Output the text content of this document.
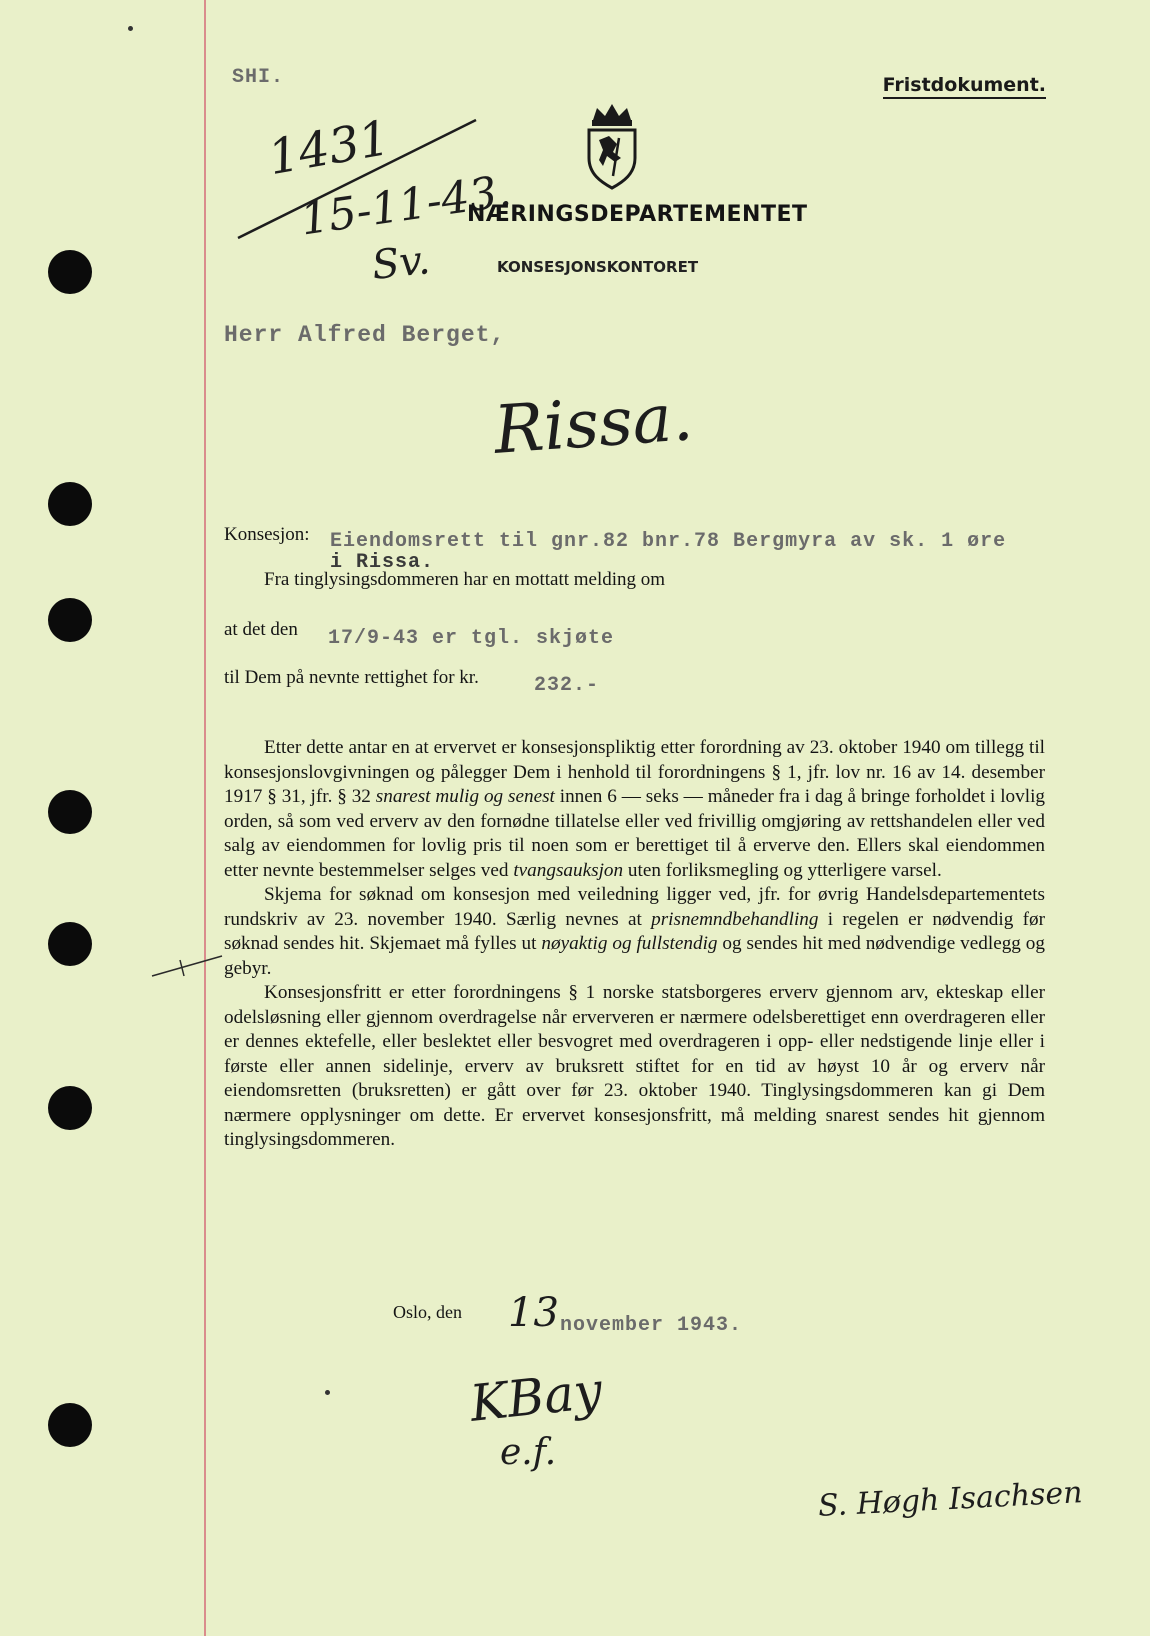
SHI.	Fristdokument.
1431
15-11-43.
Sv.
NÆRINGSDEPARTEMENTET
KONSESJONSKONTORET
Herr Alfred Berget,
Rissa.
Konsesjon: Eiendomsrett til gnr.82 bnr.78 Bergmyra av sk. 1 øre
i Rissa.
Fra tinglysingsdommeren har en mottatt melding om
at det den 17/9-43 er tgl. skjøte
til Dem på nevnte rettighet for kr.	232.-

Etter dette antar en at ervervet er konsesjonspliktig etter forordning av 23. oktober 1940 om tillegg til konsesjonslovgivningen og pålegger Dem i henhold til forordningens § 1, jfr. lov nr. 16 av 14. desember 1917 § 31, jfr. § 32 snarest mulig og senest innen 6 — seks — måneder fra i dag å bringe forholdet i lovlig orden, så som ved erverv av den fornødne tillatelse eller ved frivillig omgjøring av rettshandelen eller ved salg av eiendommen for lovlig pris til noen som er berettiget til å erverve den. Ellers skal eiendommen etter nevnte bestemmelser selges ved tvangsauksjon uten forliksmegling og ytterligere varsel.

Skjema for søknad om konsesjon med veiledning ligger ved, jfr. for øvrig Handelsdepartementets rundskriv av 23. november 1940. Særlig nevnes at prisnemndbehandling i regelen er nødvendig før søknad sendes hit. Skjemaet må fylles ut nøyaktig og fullstendig og sendes hit med nødvendige vedlegg og gebyr.

Konsesjonsfritt er etter forordningens § 1 norske statsborgeres erverv gjennom arv, ekteskap eller odelsløsning eller gjennom overdragelse når erververen er nærmere odelsberettiget enn overdrageren eller er dennes ektefelle, eller beslektet eller besvogret med overdrageren i opp- eller nedstigende linje eller i første eller annen sidelinje, erverv av bruksrett stiftet for en tid av høyst 10 år og erverv når eiendomsretten (bruksretten) er gått over før 23. oktober 1940. Tinglysingsdommeren kan gi Dem nærmere opplysninger om dette. Er ervervet konsesjonsfritt, må melding snarest sendes hit gjennom tinglysingsdommeren.

Oslo, den 13 november 1943.
KBay
e.f.
S. Høgh Isachsen
